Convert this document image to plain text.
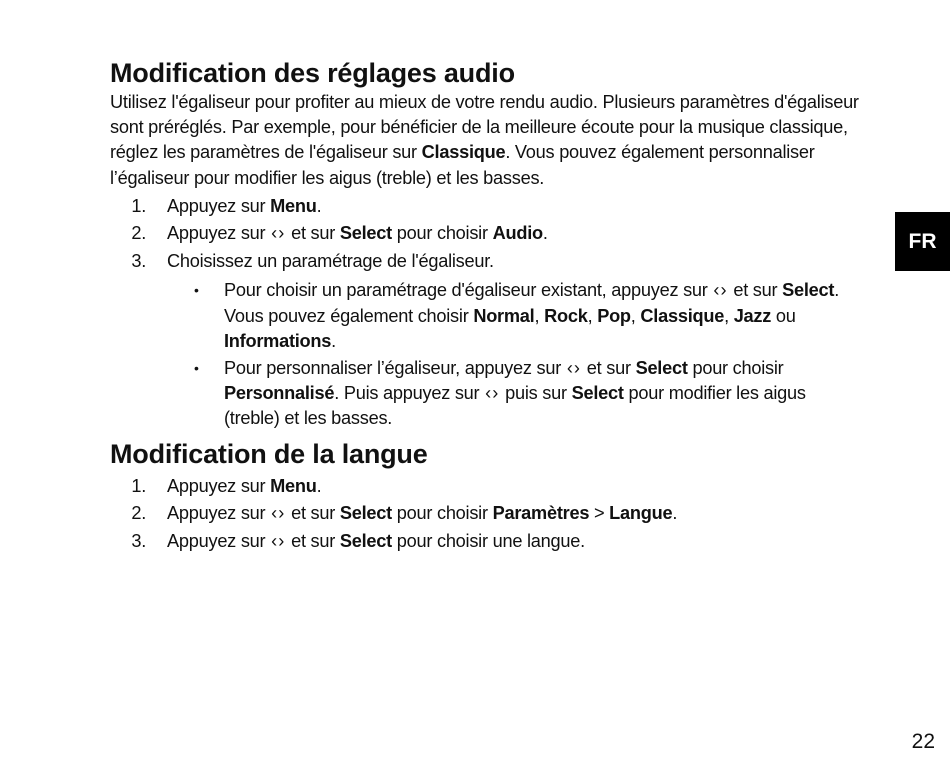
Modification des réglages audio

Utilisez l'égaliseur pour profiter au mieux de votre rendu audio. Plusieurs paramètres d'égaliseur sont préréglés. Par exemple, pour bénéficier de la meilleure écoute pour la musique classique, réglez les paramètres de l'égaliseur sur Classique. Vous pouvez également personnaliser l’égaliseur pour modifier les aigus (treble) et les basses.

1. Appuyez sur Menu.
2. Appuyez sur ‹› et sur Select pour choisir Audio.
3. Choisissez un paramétrage de l'égaliseur.
• Pour choisir un paramétrage d'égaliseur existant, appuyez sur ‹› et sur Select. Vous pouvez également choisir Normal, Rock, Pop, Classique, Jazz ou Informations.
• Pour personnaliser l’égaliseur, appuyez sur ‹› et sur Select pour choisir Personnalisé. Puis appuyez sur ‹› puis sur Select pour modifier les aigus (treble) et les basses.
Modification de la langue
1. Appuyez sur Menu.
2. Appuyez sur ‹› et sur Select pour choisir Paramètres > Langue.
3. Appuyez sur ‹› et sur Select pour choisir une langue.
FR
22
